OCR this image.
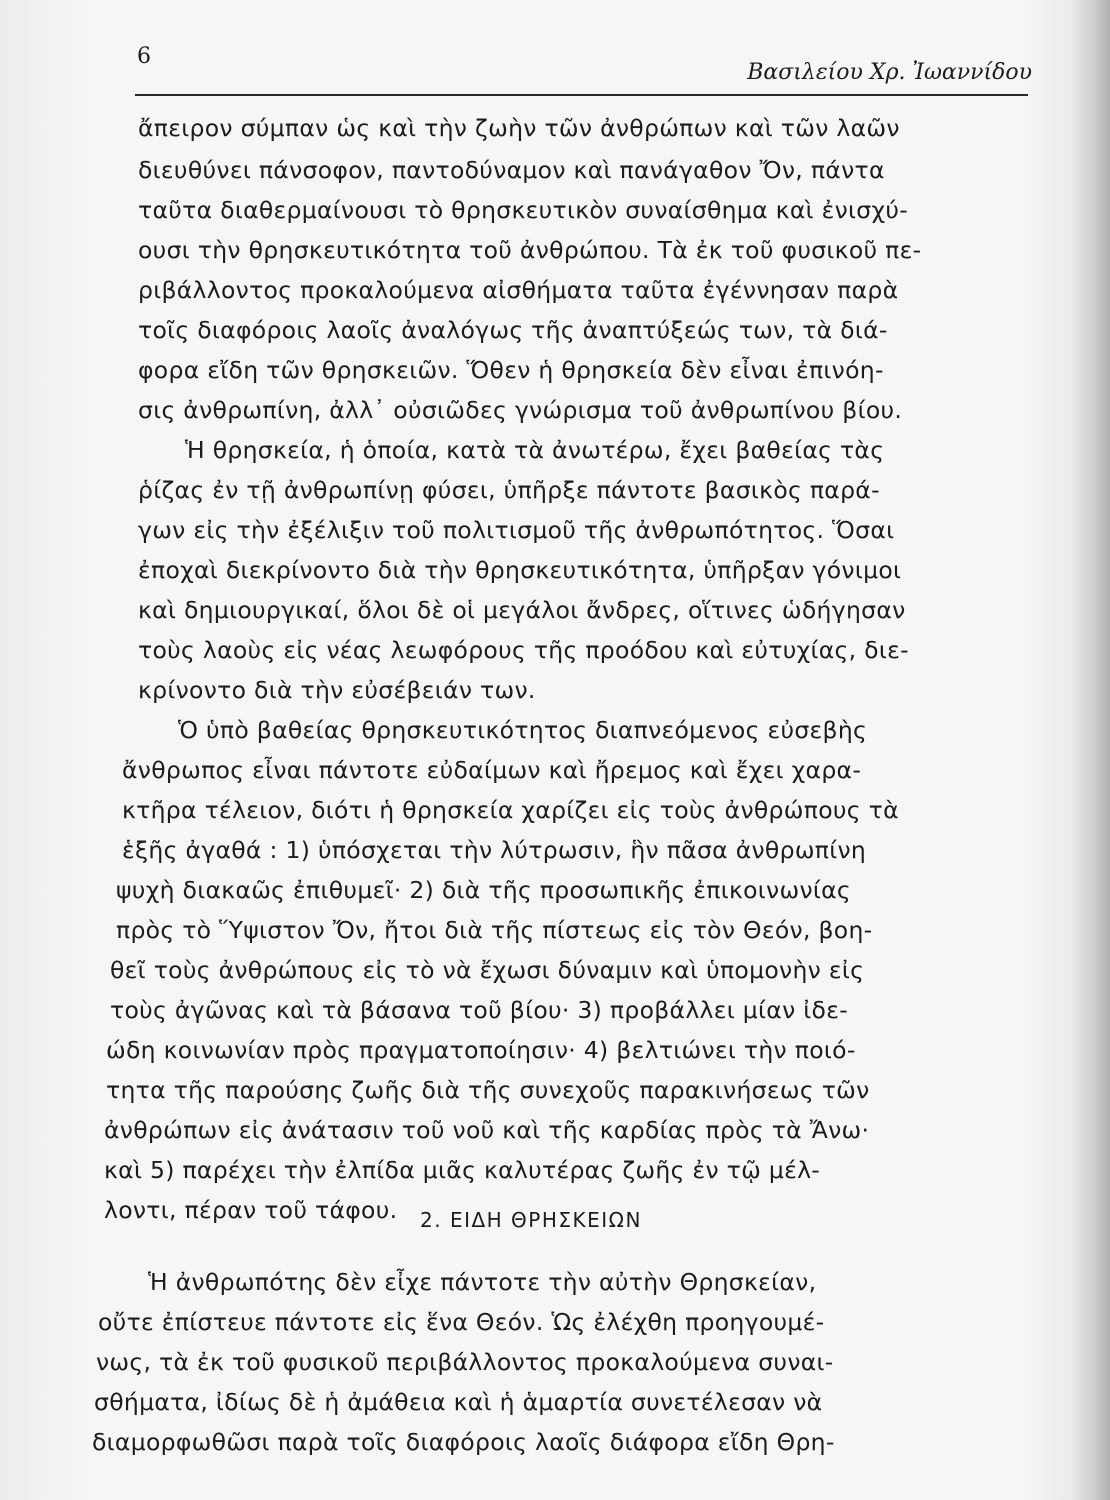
6
Βασιλείου Χρ. Ἰωαννίδου

ἄπειρον σύμπαν ὡς καὶ τὴν ζωὴν τῶν ἀνθρώπων καὶ τῶν λαῶν

διευθύνει πάνσοφον, παντοδύναμον καὶ πανάγαθον Ὄν, πάντα

ταῦτα διαθερμαίνουσι τὸ θρησκευτικὸν συναίσθημα καὶ ἐνισχύ-

ουσι τὴν θρησκευτικότητα τοῦ ἀνθρώπου. Τὰ ἐκ τοῦ φυσικοῦ πε-

ριβάλλοντος προκαλούμενα αἰσθήματα ταῦτα ἐγέννησαν παρὰ

τοῖς διαφόροις λαοῖς ἀναλόγως τῆς ἀναπτύξεώς των, τὰ διά-

φορα εἴδη τῶν θρησκειῶν. Ὅθεν ἡ θρησκεία δὲν εἶναι ἐπινόη-

σις ἀνθρωπίνη, ἀλλ᾽ οὐσιῶδες γνώρισμα τοῦ ἀνθρωπίνου βίου.

Ἡ θρησκεία, ἡ ὁποία, κατὰ τὰ ἀνωτέρω, ἔχει βαθείας τὰς

ῥίζας ἐν τῇ ἀνθρωπίνῃ φύσει, ὑπῆρξε πάντοτε βασικὸς παρά-

γων εἰς τὴν ἐξέλιξιν τοῦ πολιτισμοῦ τῆς ἀνθρωπότητος. Ὅσαι

ἐποχαὶ διεκρίνοντο διὰ τὴν θρησκευτικότητα, ὑπῆρξαν γόνιμοι

καὶ δημιουργικαί, ὅλοι δὲ οἱ μεγάλοι ἄνδρες, οἵτινες ὡδήγησαν

τοὺς λαοὺς εἰς νέας λεωφόρους τῆς προόδου καὶ εὐτυχίας, διε-

κρίνοντο διὰ τὴν εὐσέβειάν των.

Ὁ ὑπὸ βαθείας θρησκευτικότητος διαπνεόμενος εὐσεβὴς

ἄνθρωπος εἶναι πάντοτε εὐδαίμων καὶ ἤρεμος καὶ ἔχει χαρα-

κτῆρα τέλειον, διότι ἡ θρησκεία χαρίζει εἰς τοὺς ἀνθρώπους τὰ

ἑξῆς ἀγαθά : 1) ὑπόσχεται τὴν λύτρωσιν, ἣν πᾶσα ἀνθρωπίνη

ψυχὴ διακαῶς ἐπιθυμεῖ· 2) διὰ τῆς προσωπικῆς ἐπικοινωνίας

πρὸς τὸ Ὕψιστον Ὄν, ἤτοι διὰ τῆς πίστεως εἰς τὸν Θεόν, βοη-

θεῖ τοὺς ἀνθρώπους εἰς τὸ νὰ ἔχωσι δύναμιν καὶ ὑπομονὴν εἰς

τοὺς ἀγῶνας καὶ τὰ βάσανα τοῦ βίου· 3) προβάλλει μίαν ἰδε-

ώδη κοινωνίαν πρὸς πραγματοποίησιν· 4) βελτιώνει τὴν ποιό-

τητα τῆς παρούσης ζωῆς διὰ τῆς συνεχοῦς παρακινήσεως τῶν

ἀνθρώπων εἰς ἀνάτασιν τοῦ νοῦ καὶ τῆς καρδίας πρὸς τὰ Ἄνω·

καὶ 5) παρέχει τὴν ἐλπίδα μιᾶς καλυτέρας ζωῆς ἐν τῷ μέλ-

λοντι, πέραν τοῦ τάφου. 2. ΕΙΔΗ ΘΡΗΣΚΕΙΩΝ

Ἡ ἀνθρωπότης δὲν εἶχε πάντοτε τὴν αὐτὴν Θρησκείαν,

οὔτε ἐπίστευε πάντοτε εἰς ἕνα Θεόν. Ὡς ἐλέχθη προηγουμέ-

νως, τὰ ἐκ τοῦ φυσικοῦ περιβάλλοντος προκαλούμενα συναι-

σθήματα, ἰδίως δὲ ἡ ἀμάθεια καὶ ἡ ἁμαρτία συνετέλεσαν νὰ

διαμορφωθῶσι παρὰ τοῖς διαφόροις λαοῖς διάφορα εἴδη Θρη-
